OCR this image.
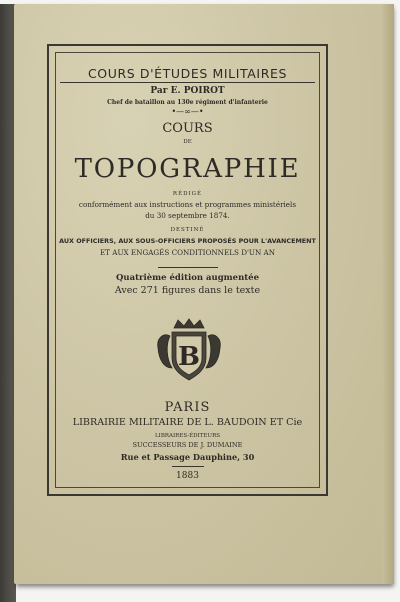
COURS D'ÉTUDES MILITAIRES
Par E. POIROT
Chef de bataillon au 130e régiment d'infanterie
•—∞—•
COURS
DE
TOPOGRAPHIE
RÉDIGÉ
conformément aux instructions et programmes ministériels
du 30 septembre 1874.
DESTINÉ
AUX OFFICIERS, AUX SOUS-OFFICIERS PROPOSÉS POUR L'AVANCEMENT
ET AUX ENGAGÉS CONDITIONNELS D'UN AN
Quatrième édition augmentée
Avec 271 figures dans le texte
B
PARIS
LIBRAIRIE MILITAIRE DE L. BAUDOIN ET Cie
LIBRAIRES-ÉDITEURS
SUCCESSEURS DE J. DUMAINE
Rue et Passage Dauphine, 30
1883
